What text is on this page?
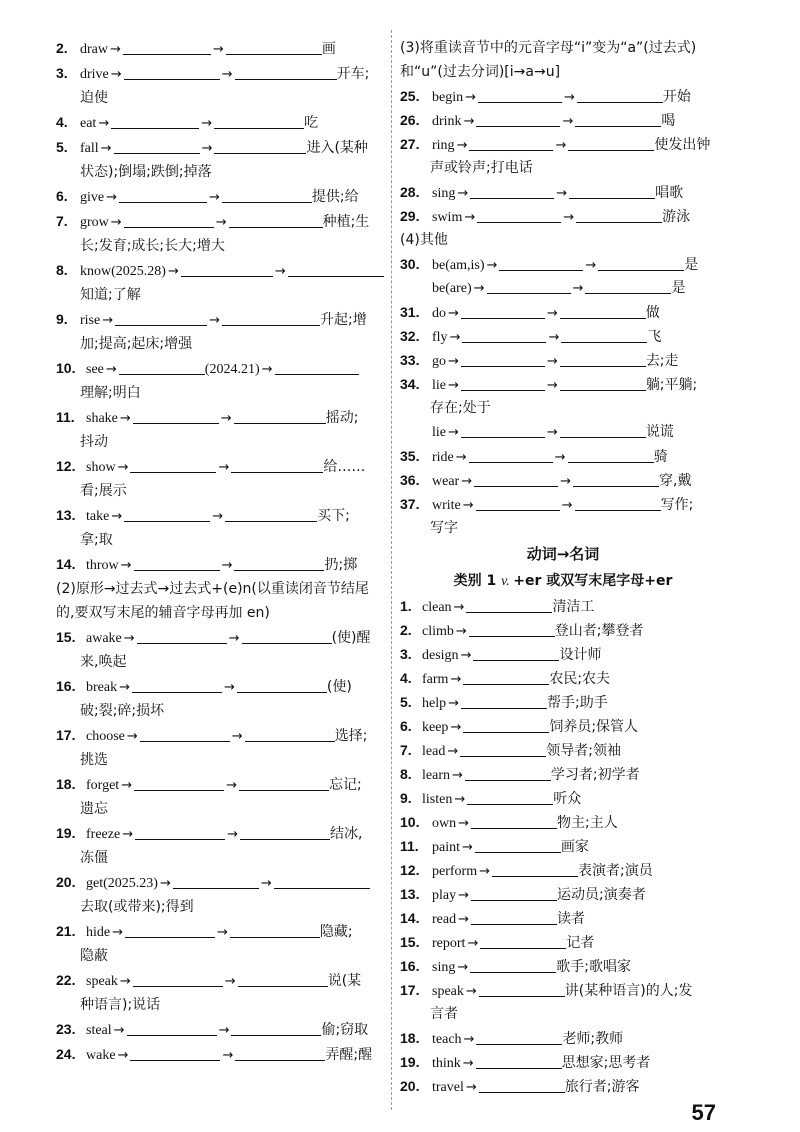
2. draw →	→	画
3. drive →	→	开车;
迫使
4. eat →	→	吃
5. fall →	→	进入(某种
状态);倒塌;跌倒;掉落
6. give →	→	提供;给
7. grow →	→	种植;生
长;发育;成长;长大;增大
8. know(2025.28) →	→
知道;了解
9. rise →	→	升起;增
加;提高;起床;增强
10. see →	(2024.21) →
理解;明白
11. shake →	→	摇动;
抖动
12. show →	→	给……
看;展示
13. take →	→	买下;
拿;取
14. throw →	→	扔;掷
(2)原形→过去式→过去式+(e)n(以重读闭音节结尾的,要双写末尾的辅音字母再加 en)
15. awake →	→	(使)醒
来,唤起
16. break →	→	(使)
破;裂;碎;损坏
17. choose →	→	选择;
挑选
18. forget →	→	忘记;
遗忘
19. freeze →	→	结冰,
冻僵
20. get(2025.23) →	→
去取(或带来);得到
21. hide →	→	隐藏;
隐蔽
22. speak →	→	说(某
种语言);说话
23. steal →	→	偷;窃取
24. wake →	→	弄醒;醒
(3)将重读音节中的元音字母“i”变为“a”(过去式)和“u”(过去分词)[i→a→u]
25. begin →	→	开始
26. drink →	→	喝
27. ring →	→	使发出钟
声或铃声;打电话
28. sing →	→	唱歌
29. swim →	→	游泳
(4)其他
30. be(am,is) →	→	是
be(are) →	→	是
31. do →	→	做
32. fly →	→	飞
33. go →	→	去;走
34. lie →	→	躺;平躺;
存在;处于
lie →	→	说谎
35. ride →	→	骑
36. wear →	→	穿,戴
37. write →	→	写作;
写字
动词→名词
类别 1 v. +er 或双写末尾字母+er
1. clean →	清洁工
2. climb →	登山者;攀登者
3. design →	设计师
4. farm →	农民;农夫
5. help →	帮手;助手
6. keep →	饲养员;保管人
7. lead →	领导者;领袖
8. learn →	学习者;初学者
9. listen →	听众
10. own →	物主;主人
11. paint →	画家
12. perform →	表演者;演员
13. play →	运动员;演奏者
14. read →	读者
15. report →	记者
16. sing →	歌手;歌唱家
17. speak →	讲(某种语言)的人;发
言者
18. teach →	老师;教师
19. think →	思想家;思考者
20. travel →	旅行者;游客
57
